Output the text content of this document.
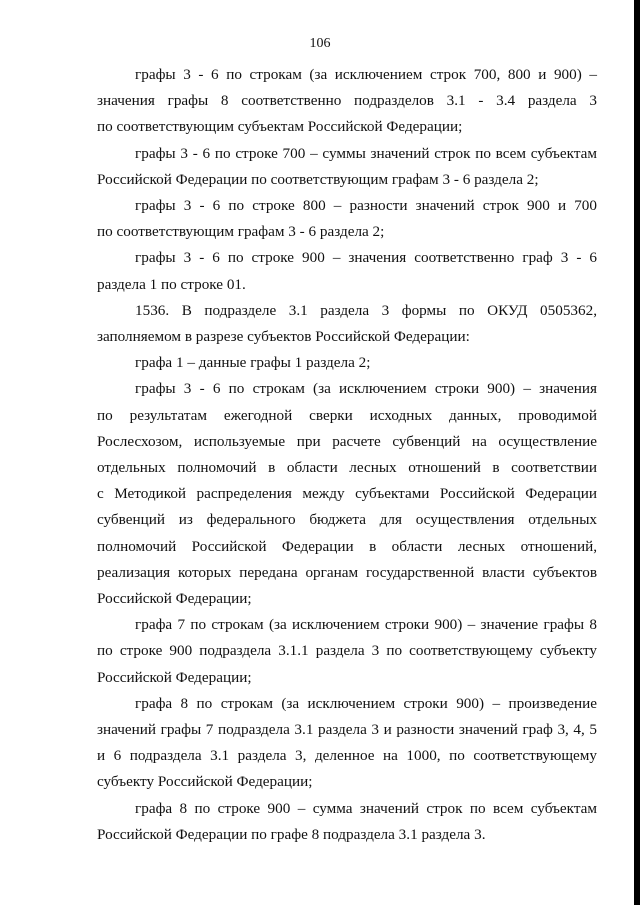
106
графы 3 - 6 по строкам (за исключением строк 700, 800 и 900) –
значения графы 8 соответственно подразделов 3.1 - 3.4 раздела 3
по соответствующим субъектам Российской Федерации;
графы 3 - 6 по строке 700 – суммы значений строк по всем субъектам
Российской Федерации по соответствующим графам 3 - 6 раздела 2;
графы 3 - 6 по строке 800 – разности значений строк 900 и 700
по соответствующим графам 3 - 6 раздела 2;
графы 3 - 6 по строке 900 – значения соответственно граф 3 - 6
раздела 1 по строке 01.
1536. В подразделе 3.1 раздела 3 формы по ОКУД 0505362,
заполняемом в разрезе субъектов Российской Федерации:
графа 1 – данные графы 1 раздела 2;
графы 3 - 6 по строкам (за исключением строки 900) – значения
по результатам ежегодной сверки исходных данных, проводимой
Рослесхозом, используемые при расчете субвенций на осуществление
отдельных полномочий в области лесных отношений в соответствии
с Методикой распределения между субъектами Российской Федерации
субвенций из федерального бюджета для осуществления отдельных
полномочий Российской Федерации в области лесных отношений,
реализация которых передана органам государственной власти субъектов
Российской Федерации;
графа 7 по строкам (за исключением строки 900) – значение графы 8
по строке 900 подраздела 3.1.1 раздела 3 по соответствующему субъекту
Российской Федерации;
графа 8 по строкам (за исключением строки 900) – произведение
значений графы 7 подраздела 3.1 раздела 3 и разности значений граф 3, 4, 5
и 6 подраздела 3.1 раздела 3, деленное на 1000, по соответствующему
субъекту Российской Федерации;
графа 8 по строке 900 – сумма значений строк по всем субъектам
Российской Федерации по графе 8 подраздела 3.1 раздела 3.
